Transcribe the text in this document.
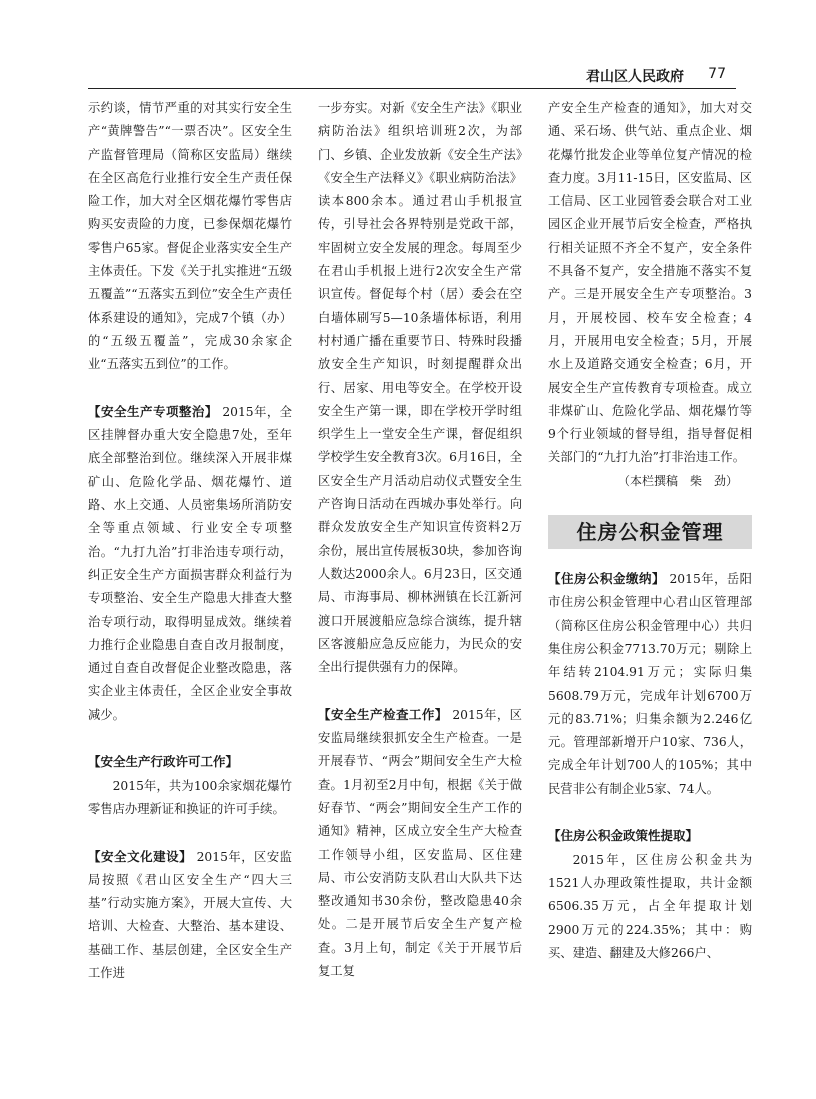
君山区人民政府 77

示约谈，情节严重的对其实行安全生产“黄牌警告”“一票否决”。区安全生产监督管理局（简称区安监局）继续在全区高危行业推行安全生产责任保险工作，加大对全区烟花爆竹零售店购买安责险的力度，已参保烟花爆竹零售户65家。督促企业落实安全生产主体责任。下发《关于扎实推进“五级五覆盖”“五落实五到位”安全生产责任体系建设的通知》，完成7个镇（办）的“五级五覆盖”，完成30余家企业“五落实五到位”的工作。

【 安全生产专项整治 】 2015年，全区挂牌督办重大安全隐患7处，至年底全部整治到位。继续深入开展非煤矿山、危险化学品、烟花爆竹、道路、水上交通、人员密集场所消防安全等重点领域、行业安全专项整治。“九打九治”打非治违专项行动，纠正安全生产方面损害群众利益行为专项整治、安全生产隐患大排查大整治专项行动，取得明显成效。继续着力推行企业隐患自查自改月报制度，通过自查自改督促企业整改隐患，落实企业主体责任，全区企业安全事故减少。

【 安全生产行政许可工作 】

2015年，共为100余家烟花爆竹零售店办理新证和换证的许可手续。

【 安全文化建设 】 2015年，区安监局按照《君山区安全生产“四大三基”行动实施方案》，开展大宣传、大培训、大检查、大整治、基本建设、基础工作、基层创建，全区安全生产工作进

一步夯实。对新《安全生产法》《职业病防治法》组织培训班2次，为部门、乡镇、企业发放新《安全生产法》《安全生产法释义》《职业病防治法》读本800余本。通过君山手机报宣传，引导社会各界特别是党政干部，牢固树立安全发展的理念。每周至少在君山手机报上进行2次安全生产常识宣传。督促每个村（居）委会在空白墙体刷写5—10条墙体标语，利用村村通广播在重要节日、特殊时段播放安全生产知识，时刻提醒群众出行、居家、用电等安全。在学校开设安全生产第一课，即在学校开学时组织学生上一堂安全生产课，督促组织学校学生安全教育3次。6月16日，全区安全生产月活动启动仪式暨安全生产咨询日活动在西城办事处举行。向群众发放安全生产知识宣传资料2万余份，展出宣传展板30块，参加咨询人数达2000余人。6月23日，区交通局、市海事局、柳林洲镇在长江新河渡口开展渡船应急综合演练，提升辖区客渡船应急反应能力，为民众的安全出行提供强有力的保障。

【 安全生产检查工作 】 2015年，区安监局继续狠抓安全生产检查。一是开展春节、“两会”期间安全生产大检查。1月初至2月中旬，根据《关于做好春节、“两会”期间安全生产工作的通知》精神，区成立安全生产大检查工作领导小组，区安监局、区住建局、市公安消防支队君山大队共下达整改通知书30余份，整改隐患40余处。二是开展节后安全生产复产检查。3月上旬，制定《关于开展节后复工复

产安全生产检查的通知》，加大对交通、采石场、供气站、重点企业、烟花爆竹批发企业等单位复产情况的检查力度。3月11-15日，区安监局、区工信局、区工业园管委会联合对工业园区企业开展节后安全检查，严格执行相关证照不齐全不复产，安全条件不具备不复产，安全措施不落实不复产。三是开展安全生产专项整治。3月，开展校园、校车安全检查；4月，开展用电安全检查；5月，开展水上及道路交通安全检查；6月，开展安全生产宣传教育专项检查。成立非煤矿山、危险化学品、烟花爆竹等9个行业领域的督导组，指导督促相关部门的“九打九治”打非治违工作。

（本栏撰稿　柴　劲）

住房公积金管理

【 住房公积金缴纳 】 2015年，岳阳市住房公积金管理中心君山区管理部（简称区住房公积金管理中心）共归集住房公积金7713.70万元；剔除上年结转2104.91万元；实际归集5608.79万元，完成年计划6700万元的83.71%；归集余额为2.246亿元。管理部新增开户10家、736人，完成全年计划700人的105%；其中民营非公有制企业5家、74人。

【 住房公积金政策性提取 】

2015年，区住房公积金共为1521人办理政策性提取，共计金额6506.35万元，占全年提取计划2900万元的224.35%；其中：购买、建造、翻建及大修266户、
